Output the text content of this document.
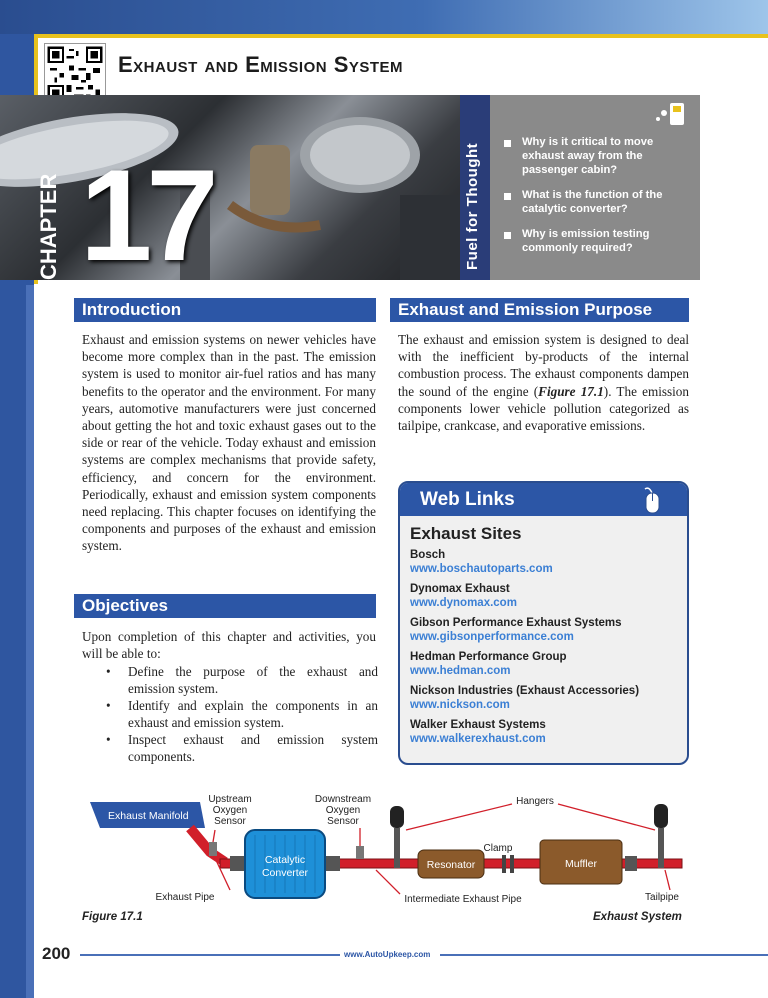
Exhaust and Emission System
CHAPTER 17	Fuel for Thought
Why is it critical to move exhaust away from the passenger cabin?
What is the function of the catalytic converter?
Why is emission testing commonly required?
Introduction
Exhaust and emission systems on newer vehicles have become more complex than in the past. The emission system is used to monitor air-fuel ratios and has many benefits to the operator and the environment. For many years, automotive manufacturers were just concerned about getting the hot and toxic exhaust gases out to the side or rear of the vehicle. Today exhaust and emission systems are complex mechanisms that provide safety, efficiency, and concern for the environment. Periodically, exhaust and emission system components need replacing. This chapter focuses on identifying the components and purposes of the exhaust and emission system.
Objectives
Upon completion of this chapter and activities, you will be able to:
• Define the purpose of the exhaust and emission system.
• Identify and explain the components in an exhaust and emission system.
• Inspect exhaust and emission system components.
Exhaust and Emission Purpose
The exhaust and emission system is designed to deal with the inefficient by-products of the internal combustion process. The exhaust components dampen the sound of the engine (Figure 17.1). The emission components lower vehicle pollution categorized as tailpipe, crankcase, and evaporative emissions.
Web Links
Exhaust Sites
Bosch
www.boschautoparts.com
Dynomax Exhaust
www.dynomax.com
Gibson Performance Exhaust Systems
www.gibsonperformance.com
Hedman Performance Group
www.hedman.com
Nickson Industries (Exhaust Accessories)
www.nickson.com
Walker Exhaust Systems
www.walkerexhaust.com
Exhaust Manifold
Catalytic
Converter
Resonator	Muffler
Upstream
Oxygen
Sensor
Downstream
Oxygen
Sensor
Hangers
Clamp
Exhaust Pipe	Intermediate Exhaust Pipe	Tailpipe
Figure 17.1	Exhaust System
200	www.AutoUpkeep.com
